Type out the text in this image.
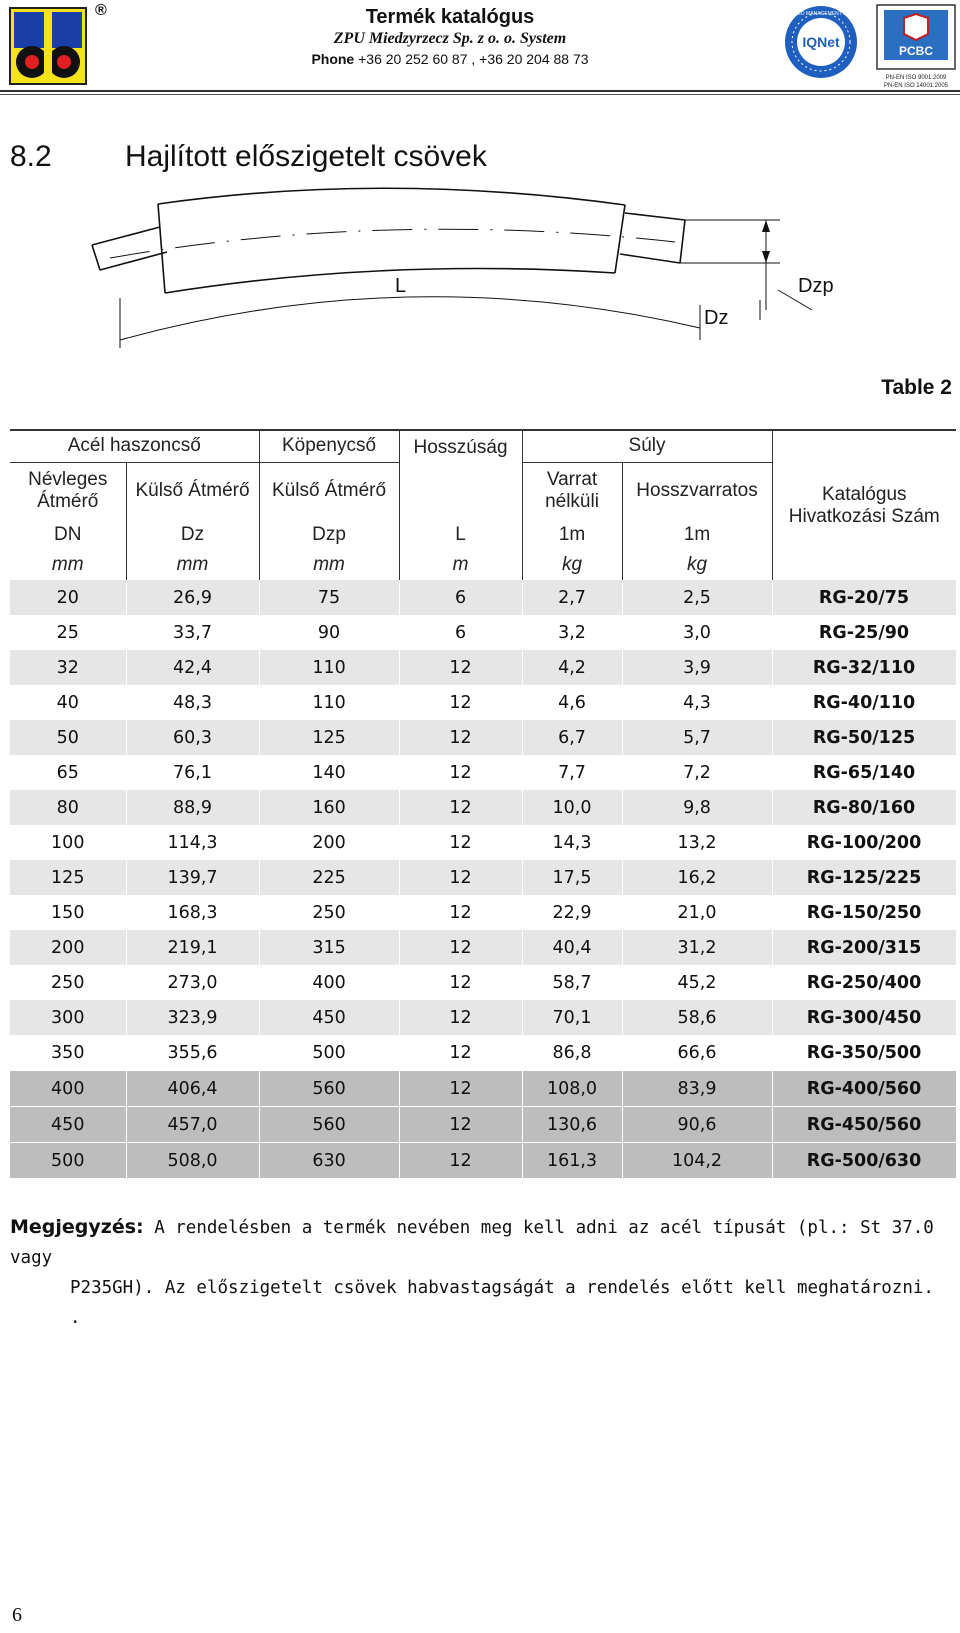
®	Termék katalógus
ZPU Miedzyrzecz Sp. z o. o. System
Phone +36 20 252 60 87 , +36 20 204 88 73
IQNet
CERTIFIED MANAGEMENT SYSTEM
PCBC
PN-EN ISO 9001:2009
PN-EN ISO 14001:2005
8.2 Hajlított előszigetelt csövek
L	Dzp
Dz
Table 2
Acél haszoncső		Köpenycső	Hosszúság	Súly		Katalógus Hivatkozási Szám
Névleges Átmérő	Külső Átmérő	Külső Átmérő		Varrat nélküli	Hosszvarratos	
DN	Dz	Dzp	L	1m	1m	
mm	mm	mm	m	kg	kg	
20	26,9	75	6	2,7	2,5	RG-20/75
25	33,7	90	6	3,2	3,0	RG-25/90
32	42,4	110	12	4,2	3,9	RG-32/110
40	48,3	110	12	4,6	4,3	RG-40/110
50	60,3	125	12	6,7	5,7	RG-50/125
65	76,1	140	12	7,7	7,2	RG-65/140
80	88,9	160	12	10,0	9,8	RG-80/160
100	114,3	200	12	14,3	13,2	RG-100/200
125	139,7	225	12	17,5	16,2	RG-125/225
150	168,3	250	12	22,9	21,0	RG-150/250
200	219,1	315	12	40,4	31,2	RG-200/315
250	273,0	400	12	58,7	45,2	RG-250/400
300	323,9	450	12	70,1	58,6	RG-300/450
350	355,6	500	12	86,8	66,6	RG-350/500
400	406,4	560	12	108,0	83,9	RG-400/560
450	457,0	560	12	130,6	90,6	RG-450/560
500	508,0	630	12	161,3	104,2	RG-500/630
Megjegyzés: A rendelésben a termék nevében meg kell adni az acél típusát (pl.: St 37.0 vagy
P235GH). Az előszigetelt csövek habvastagságát a rendelés előtt kell meghatározni. .
6
